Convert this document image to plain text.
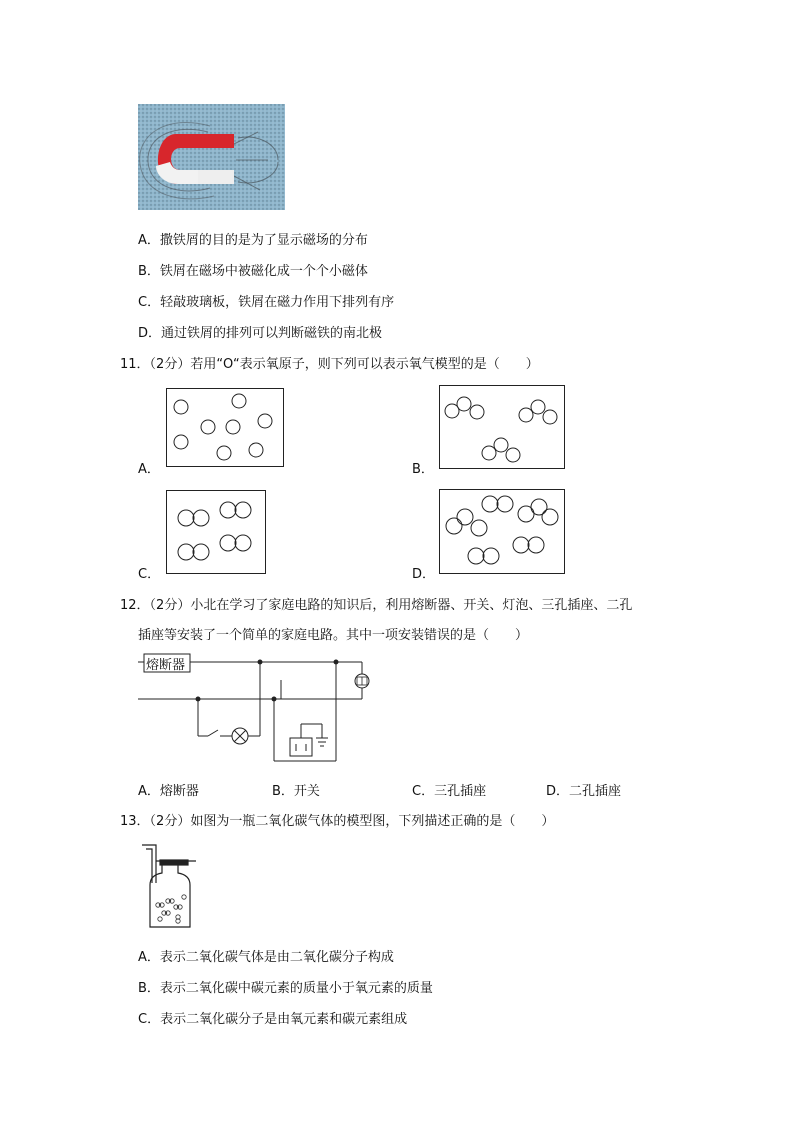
A．撒铁屑的目的是为了显示磁场的分布
B．铁屑在磁场中被磁化成一个个小磁体
C．轻敲玻璃板，铁屑在磁力作用下排列有序
D．通过铁屑的排列可以判断磁铁的南北极
11．（2分）若用“O“表示氧原子，则下列可以表示氧气模型的是（　　）
A．	B．
C．	D．
12．（2分）小北在学习了家庭电路的知识后，利用熔断器、开关、灯泡、三孔插座、二孔
插座等安装了一个简单的家庭电路。其中一项安装错误的是（　　）
熔断器
A．熔断器	B．开关	C．三孔插座	D．二孔插座
13．（2分）如图为一瓶二氧化碳气体的模型图，下列描述正确的是（　　）
A．表示二氧化碳气体是由二氧化碳分子构成
B．表示二氧化碳中碳元素的质量小于氧元素的质量
C．表示二氧化碳分子是由氧元素和碳元素组成
